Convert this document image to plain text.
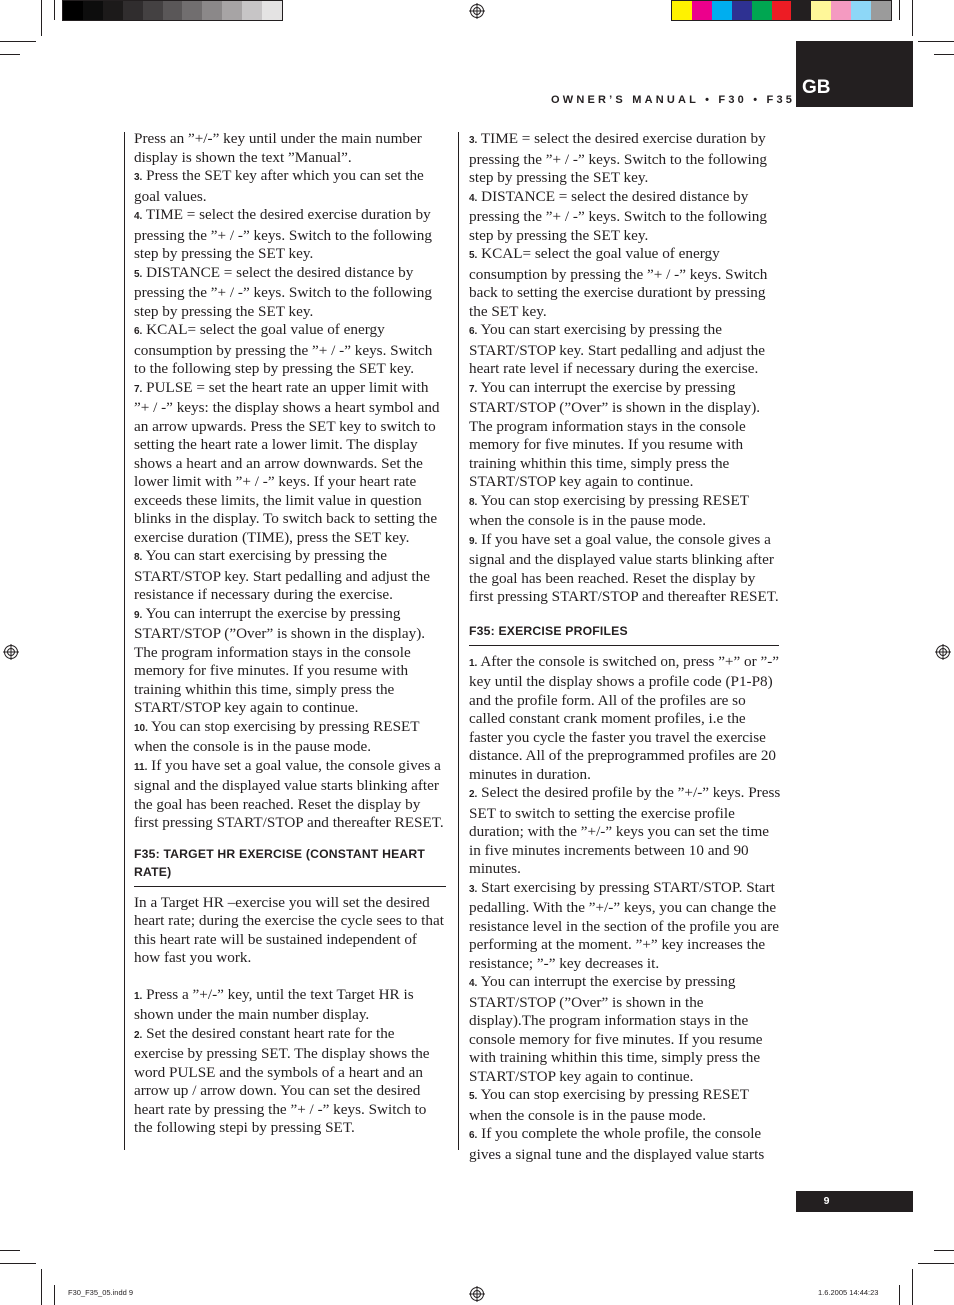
OWNER’S MANUAL • F30 • F35
GB

Press an ”+/-” key until under the main number display is shown the text ”Manual”.

3. Press the SET key after which you can set the goal values.

4. TIME = select the desired exercise duration by pressing the ”+ / -” keys. Switch to the following step by pressing the SET key.

5. DISTANCE = select the desired distance by pressing the ”+ / -” keys. Switch to the following step by pressing the SET key.

6. KCAL= select the goal value of energy consumption by pressing the ”+ / -” keys. Switch to the following step by pressing the SET key.

7. PULSE = set the heart rate an upper limit with ”+ / -” keys: the display shows a heart symbol and an arrow upwards. Press the SET key to switch to setting the heart rate a lower limit. The display shows a heart and an arrow downwards. Set the lower limit with ”+ / -” keys. If your heart rate exceeds these limits, the limit value in question blinks in the display. To switch back to setting the exercise duration (TIME), press the SET key.

8. You can start exercising by pressing the START/STOP key. Start pedalling and adjust the resistance if necessary during the exercise.

9. You can interrupt the exercise by pressing START/STOP (”Over” is shown in the display). The program information stays in the console memory for five minutes. If you resume with training whithin this time, simply press the START/STOP key again to continue.

10. You can stop exercising by pressing RESET when the console is in the pause mode.

11. If you have set a goal value, the console gives a signal and the displayed value starts blinking after the goal has been reached. Reset the display by first pressing START/STOP and thereafter RESET.

F35: TARGET HR EXERCISE (CONSTANT HEART RATE)

In a Target HR –exercise you will set the desired heart rate; during the exercise the cycle sees to that this heart rate will be sustained independent of how fast you work.

1. Press a ”+/-” key, until the text Target HR is shown under the main number display.

2. Set the desired constant heart rate for the exercise by pressing SET. The display shows the word PULSE and the symbols of a heart and an arrow up / arrow down. You can set the desired heart rate by pressing the ”+ / -” keys. Switch to the following stepi by pressing SET.

3. TIME = select the desired exercise duration by pressing the ”+ / -” keys. Switch to the following step by pressing the SET key.

4. DISTANCE = select the desired distance by pressing the ”+ / -” keys. Switch to the following step by pressing the SET key.

5. KCAL= select the goal value of energy consumption by pressing the ”+ / -” keys. Switch back to setting the exercise durationt by pressing the SET key.

6. You can start exercising by pressing the START/STOP key. Start pedalling and adjust the heart rate level if necessary during the exercise.

7. You can interrupt the exercise by pressing START/STOP (”Over” is shown in the display). The program information stays in the console memory for five minutes. If you resume with training whithin this time, simply press the START/STOP key again to continue.

8. You can stop exercising by pressing RESET when the console is in the pause mode.

9. If you have set a goal value, the console gives a signal and the displayed value starts blinking after the goal has been reached. Reset the display by first pressing START/STOP and thereafter RESET.

F35: EXERCISE PROFILES

1. After the console is switched on, press ”+” or ”-” key until the display shows a profile code (P1-P8) and the profile form. All of the profiles are so called constant crank moment profiles, i.e the faster you cycle the faster you travel the exercise distance. All of the preprogrammed profiles are 20 minutes in duration.

2. Select the desired profile by the ”+/-” keys. Press SET to switch to setting the exercise profile duration; with the ”+/-” keys you can set the time in five minutes increments between 10 and 90 minutes.

3. Start exercising by pressing START/STOP. Start pedalling. With the ”+/-” keys, you can change the resistance level in the section of the profile you are performing at the moment. ”+” key increases the resistance; ”-” key decreases it.

4. You can interrupt the exercise by pressing START/STOP (”Over” is shown in the display).The program information stays in the console memory for five minutes. If you resume with training whithin this time, simply press the START/STOP key again to continue.

5. You can stop exercising by pressing RESET when the console is in the pause mode.

6. If you complete the whole profile, the console gives a signal tune and the displayed value starts

9
F30_F35_05.indd 9	1.6.2005 14:44:23
